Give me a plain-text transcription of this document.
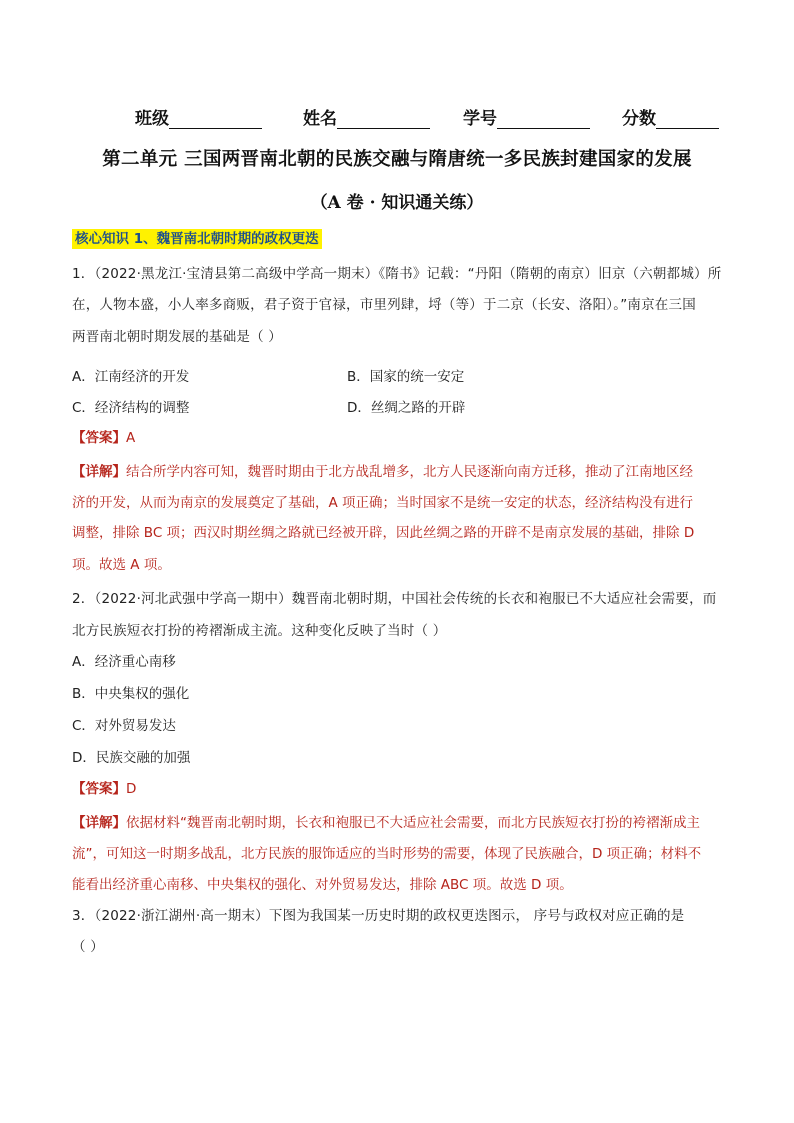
班级	姓名	学号	分数
第二单元 三国两晋南北朝的民族交融与隋唐统一多民族封建国家的发展
（A 卷 · 知识通关练）
核心知识 1、魏晋南北朝时期的政权更迭
1．（2022·黑龙江·宝清县第二高级中学高一期末）《隋书》记载：“丹阳（隋朝的南京）旧京（六朝都城）所
在，人物本盛，小人率多商贩，君子资于官禄，市里列肆，埒（等）于二京（长安、洛阳）。”南京在三国
两晋南北朝时期发展的基础是（ ）
A．江南经济的开发	B．国家的统一安定
C．经济结构的调整	D．丝绸之路的开辟
【答案】A
【详解】结合所学内容可知，魏晋时期由于北方战乱增多，北方人民逐渐向南方迁移，推动了江南地区经
济的开发，从而为南京的发展奠定了基础，A 项正确；当时国家不是统一安定的状态，经济结构没有进行
调整，排除 BC 项；西汉时期丝绸之路就已经被开辟，因此丝绸之路的开辟不是南京发展的基础，排除 D
项。故选 A 项。
2．（2022·河北武强中学高一期中）魏晋南北朝时期，中国社会传统的长衣和袍服已不大适应社会需要，而
北方民族短衣打扮的袴褶渐成主流。这种变化反映了当时（ ）
A．经济重心南移
B．中央集权的强化
C．对外贸易发达
D．民族交融的加强
【答案】D
【详解】依据材料“魏晋南北朝时期，长衣和袍服已不大适应社会需要，而北方民族短衣打扮的袴褶渐成主
流”，可知这一时期多战乱，北方民族的服饰适应的当时形势的需要，体现了民族融合，D 项正确；材料不
能看出经济重心南移、中央集权的强化、对外贸易发达，排除 ABC 项。故选 D 项。
3．（2022·浙江湖州·高一期末）下图为我国某一历史时期的政权更迭图示， 序号与政权对应正确的是
（ ）
